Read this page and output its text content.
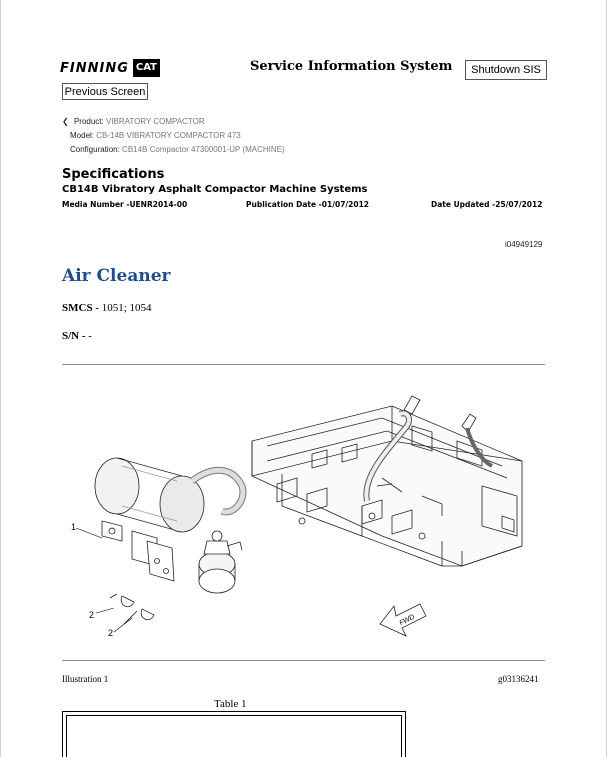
FINNING CAT	Service Information System	Shutdown SIS
Previous Screen
❮ Product: VIBRATORY COMPACTOR
Model: CB-14B VIBRATORY COMPACTOR 473
Configuration: CB14B Compactor 47300001-UP (MACHINE)
Specifications
CB14B Vibratory Asphalt Compactor Machine Systems
Media Number -UENR2014-00	Publication Date -01/07/2012	Date Updated -25/07/2012
i04949129
Air Cleaner
SMCS - 1051; 1054
S/N - -
1
2
2
FWD
Illustration 1	g03136241
Table 1
